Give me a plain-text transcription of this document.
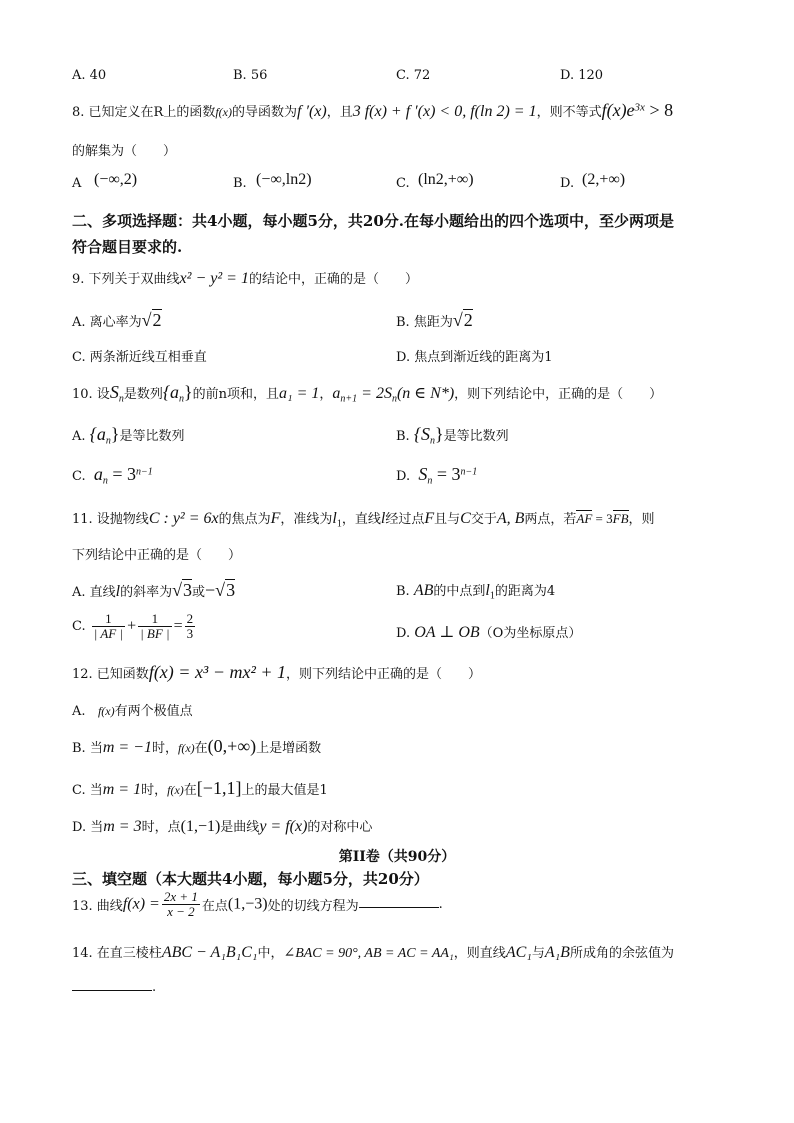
A. 40	B. 56	C. 72	D. 120
8. 已知定义在R上的函数f(x)的导函数为f ′(x)，且3 f(x) + f ′(x) < 0, f(ln 2) = 1，则不等式$f(x)e^{3x} > 8$
的解集为（　　）
A (−∞,2)	B. (−∞,ln2)	C. (ln2,+∞)	D. (2,+∞)
二、多项选择题：共4小题，每小题5分，共20分.在每小题给出的四个选项中，至少两项是
符合题目要求的.
9. 下列关于双曲线x² − y² = 1的结论中，正确的是（　　）
A. 离心率为√2	B. 焦距为√2
C. 两条渐近线互相垂直	D. 焦点到渐近线的距离为1
10. 设$S_n$是数列$\{a_n\}$的前n项和，且a₁ = 1，$a_{n+1} = 2S_n(n$ ∈ N*)，则下列结论中，正确的是（　　）
A. $\{a_n\}$是等比数列	B. $\{S_n\}$是等比数列
C.  $a_n = 3^{n-1}$	D.  $S_n = 3^{n-1}$
11. 设抛物线C : y² = 6x的焦点为F，准线为$l_1$，直线l经过点F且与C交于A, B两点，若AF = 3FB，则
下列结论中正确的是（　　）
A. 直线l的斜率为√3或−√3	B. AB的中点到$l_1$的距离为4
C. $\frac{1}{| AF |} + \frac{1}{| BF |} = \frac{2}{3}$	D. OA ⊥ OB（O为坐标原点）
12. 已知函数f(x) = x³ − mx² + 1，则下列结论中正确的是（　　）
A. f(x)有两个极值点
B. 当m = −1时，f(x)在(0,+∞)上是增函数
C. 当m = 1时，f(x)在[−1,1]上的最大值是1
D. 当m = 3时，点(1,−1)是曲线y = f(x)的对称中心
第II卷（共90分）
三、填空题（本大题共4小题，每小题5分，共20分）
13. 曲线$f(x) = \frac{2x + 1}{x - 2}$ 在点(1,−3)处的切线方程为	.
14. 在直三棱柱ABC − A₁B₁C₁中，∠BAC = 90°, AB = AC = AA₁，则直线AC₁与A₁B所成角的余弦值为
.
